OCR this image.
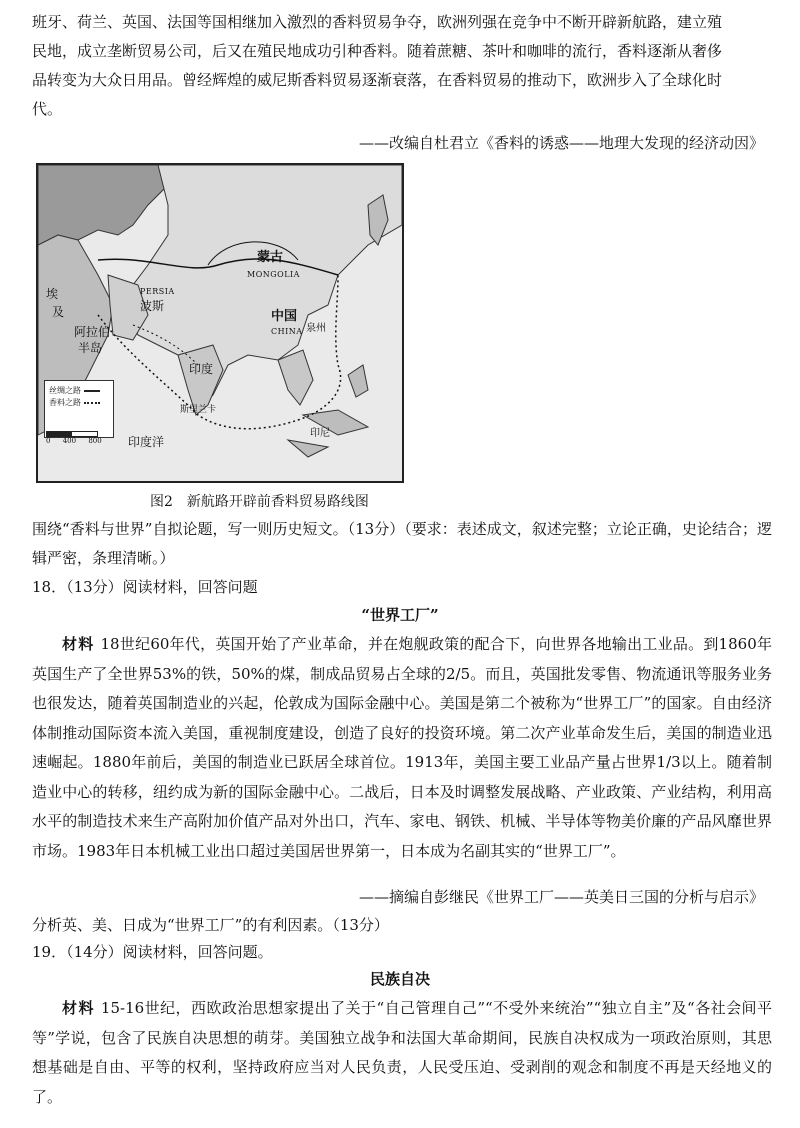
班牙、荷兰、英国、法国等国相继加入激烈的香料贸易争夺，欧洲列强在竞争中不断开辟新航路，建立殖
民地，成立垄断贸易公司，后又在殖民地成功引种香料。随着蔗糖、茶叶和咖啡的流行，香料逐渐从奢侈
品转变为大众日用品。曾经辉煌的威尼斯香料贸易逐渐衰落，在香料贸易的推动下，欧洲步入了全球化时
代。

——改编自杜君立《香料的诱惑——地理大发现的经济动因》
蒙古
MONGOLIA
中国
CHINA 泉州
PERSIA
波斯
埃
及
阿拉伯
半岛
印度
印度洋
印尼
斯里兰卡
丝绸之路
香料之路
0 400 800
图2　新航路开辟前香料贸易路线图

围绕“香料与世界”自拟论题，写一则历史短文。（13分）（要求：表述成文，叙述完整；立论正确，史论结合；逻辑严密，条理清晰。）

18．（13分）阅读材料，回答问题
“世界工厂”

材料 18世纪60年代，英国开始了产业革命，并在炮舰政策的配合下，向世界各地输出工业品。到1860年英国生产了全世界53%的铁，50%的煤，制成品贸易占全球的2/5。而且，英国批发零售、物流通讯等服务业务也很发达，随着英国制造业的兴起，伦敦成为国际金融中心。美国是第二个被称为“世界工厂”的国家。自由经济体制推动国际资本流入美国，重视制度建设，创造了良好的投资环境。第二次产业革命发生后，美国的制造业迅速崛起。1880年前后，美国的制造业已跃居全球首位。1913年，美国主要工业品产量占世界1/3以上。随着制造业中心的转移，纽约成为新的国际金融中心。二战后，日本及时调整发展战略、产业政策、产业结构，利用高水平的制造技术来生产高附加价值产品对外出口，汽车、家电、钢铁、机械、半导体等物美价廉的产品风靡世界市场。1983年日本机械工业出口超过美国居世界第一，日本成为名副其实的“世界工厂”。

——摘编自彭继民《世界工厂——英美日三国的分析与启示》
分析英、美、日成为“世界工厂”的有利因素。（13分）
19．（14分）阅读材料，回答问题。
民族自决

材料 15-16世纪，西欧政治思想家提出了关于“自己管理自己”“不受外来统治”“独立自主”及“各社会间平等”学说，包含了民族自决思想的萌芽。美国独立战争和法国大革命期间，民族自决权成为一项政治原则，其思想基础是自由、平等的权利，坚持政府应当对人民负责，人民受压迫、受剥削的观念和制度不再是天经地义的了。
